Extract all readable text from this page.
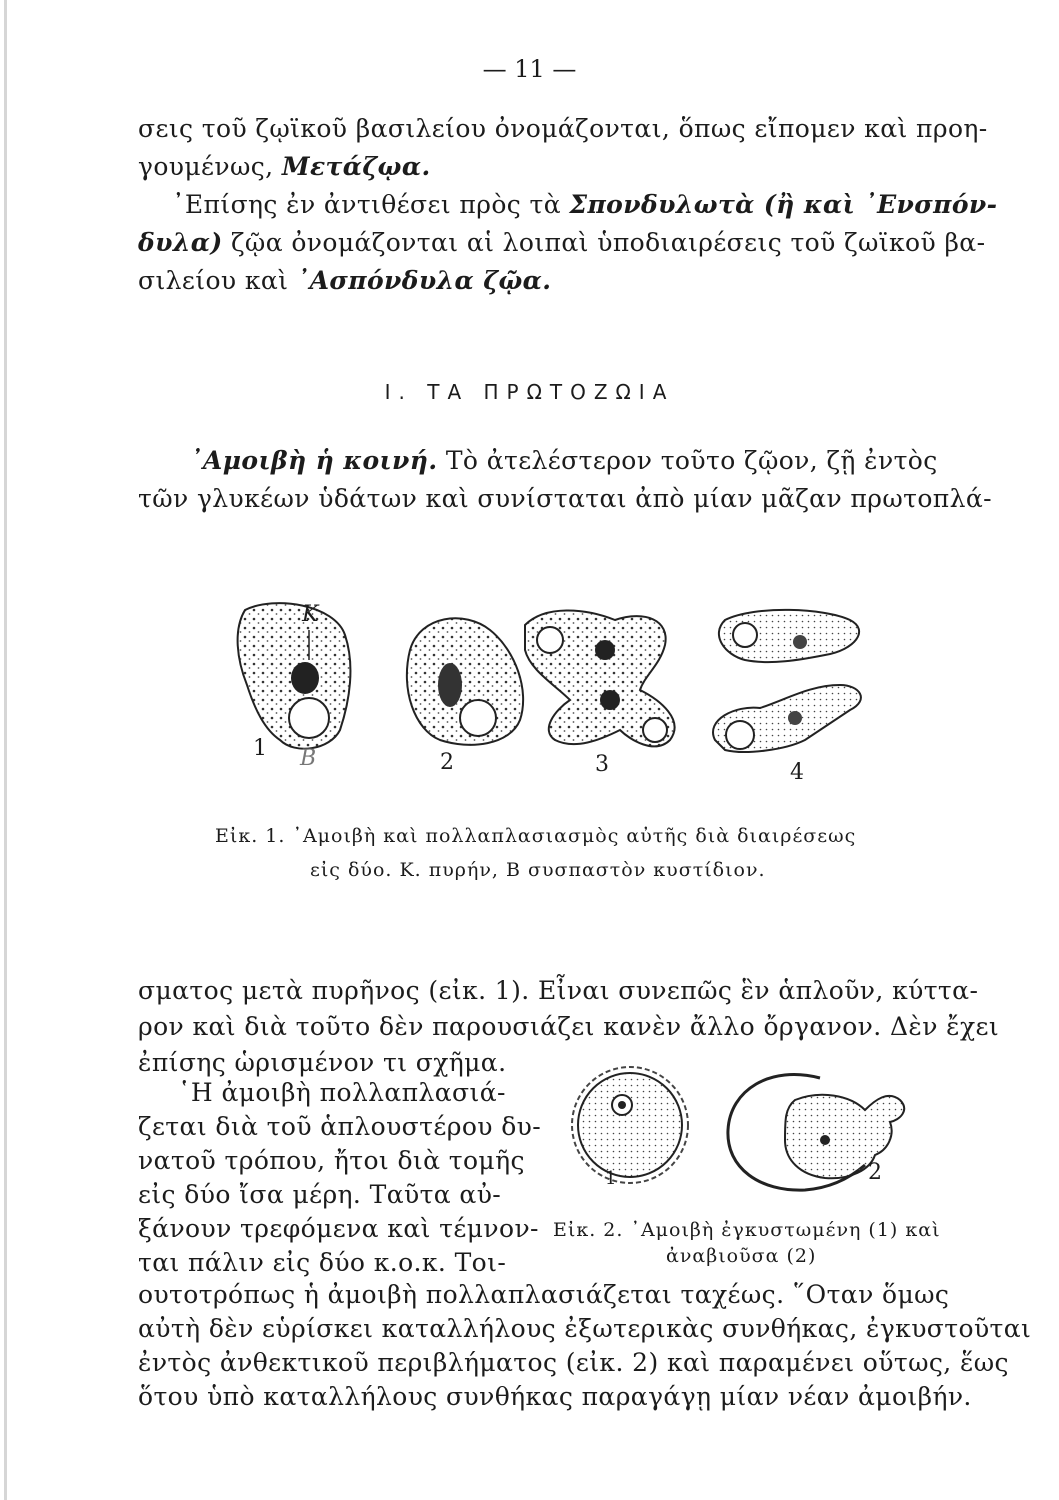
— 11 —
σεις τοῦ ζῳϊκοῦ βασιλείου ὀνομάζονται, ὅπως εἴπομεν καὶ προη-
γουμένως, Μετάζῳα.
᾿Επίσης ἐν ἀντιθέσει πρὸς τὰ Σπονδυλωτὰ (ἢ καὶ ᾿Ενσπόν-
δυλα) ζῷα ὀνομάζονται αἱ λοιπαὶ ὑποδιαιρέσεις τοῦ ζωϊκοῦ βα-
σιλείου καὶ ᾿Ασπόνδυλα ζῷα.
I. ΤΑ ΠΡΩΤΟΖΩΙΑ
᾿Αμοιβὴ ἡ κοινή. Τὸ ἀτελέστερον τοῦτο ζῷον, ζῇ ἐντὸς
τῶν γλυκέων ὑδάτων καὶ συνίσταται ἀπὸ μίαν μᾶζαν πρωτοπλά-
K
B
1
2	3	4
Εἰκ. 1. ᾿Αμοιβὴ καὶ πολλαπλασιασμὸς αὐτῆς διὰ διαιρέσεως
εἰς δύο. Κ. πυρήν, Β συσπαστὸν κυστίδιον.
σματος μετὰ πυρῆνος (εἰκ. 1). Εἶναι συνεπῶς ἓν ἁπλοῦν, κύττα-
ρον καὶ διὰ τοῦτο δὲν παρουσιάζει κανὲν ἄλλο ὄργανον. Δὲν ἔχει
ἐπίσης ὡρισμένον τι σχῆμα.
῾Η ἀμοιβὴ πολλαπλασιά-
ζεται διὰ τοῦ ἁπλουστέρου δυ-
νατοῦ τρόπου, ἤτοι διὰ τομῆς
εἰς δύο ἴσα μέρη. Ταῦτα αὐ-
ξάνουν τρεφόμενα καὶ τέμνον-
ται πάλιν εἰς δύο κ.ο.κ. Τοι-
1	2
Εἰκ. 2. ᾿Αμοιβὴ ἐγκυστωμένη (1) καὶ
ἀναβιοῦσα (2)
ουτοτρόπως ἡ ἀμοιβὴ πολλαπλασιάζεται ταχέως. ῞Οταν ὅμως
αὐτὴ δὲν εὑρίσκει καταλλήλους ἐξωτερικὰς συνθήκας, ἐγκυστοῦται
ἐντὸς ἀνθεκτικοῦ περιβλήματος (εἰκ. 2) καὶ παραμένει οὕτως, ἕως
ὅτου ὑπὸ καταλλήλους συνθήκας παραγάγῃ μίαν νέαν ἀμοιβήν.
